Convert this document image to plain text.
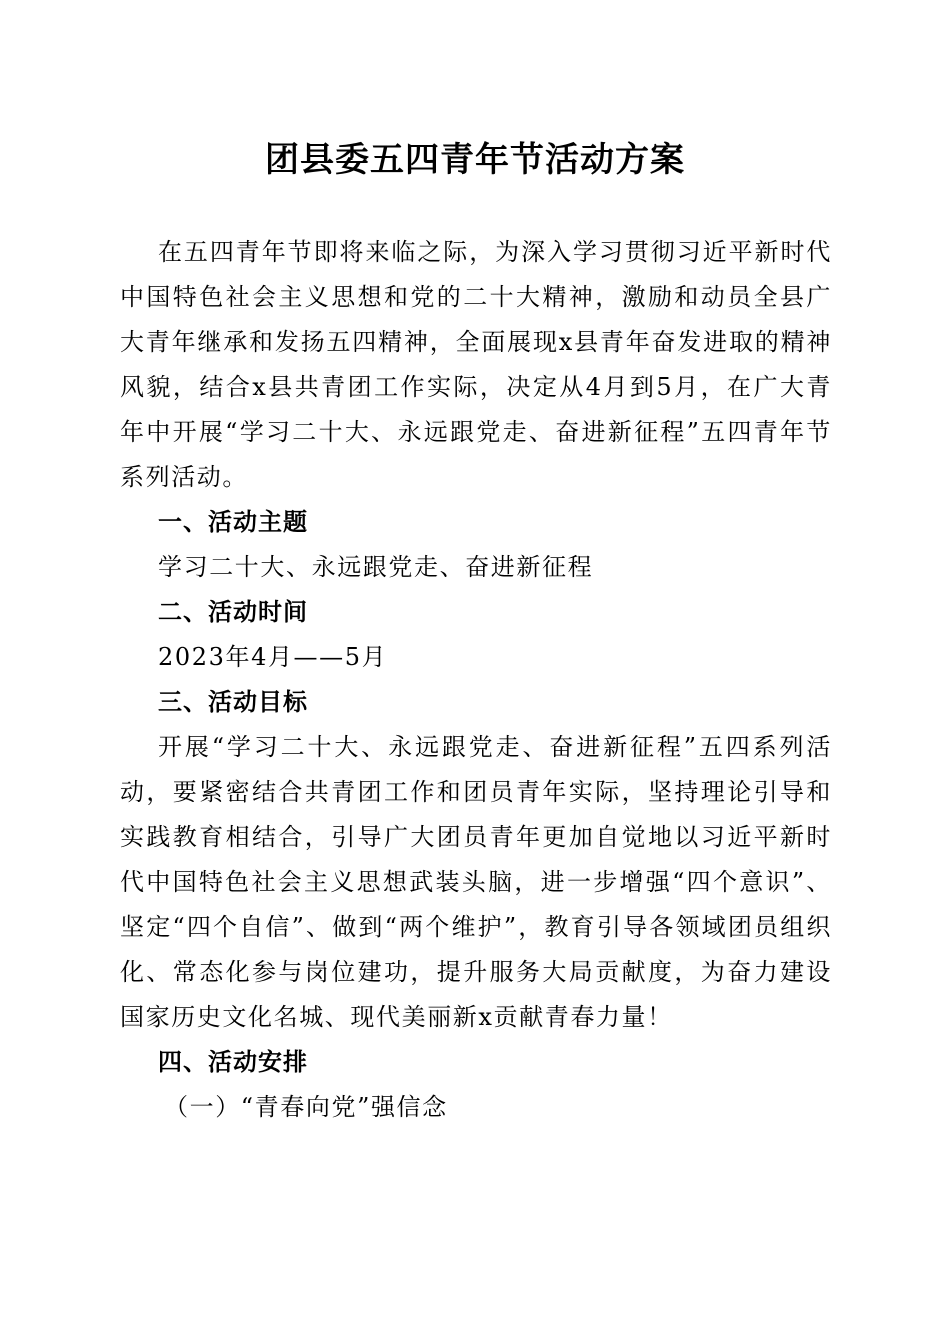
团县委五四青年节活动方案

在五四青年节即将来临之际，为深入学习贯彻习近平新时代中国特色社会主义思想和党的二十大精神，激励和动员全县广大青年继承和发扬五四精神，全面展现x县青年奋发进取的精神风貌，结合x县共青团工作实际，决定从4月到5月，在广大青年中开展“学习二十大、永远跟党走、奋进新征程”五四青年节系列活动。

一、活动主题

学习二十大、永远跟党走、奋进新征程

二、活动时间

2023年4月——5月

三、活动目标

开展“学习二十大、永远跟党走、奋进新征程”五四系列活动，要紧密结合共青团工作和团员青年实际，坚持理论引导和实践教育相结合，引导广大团员青年更加自觉地以习近平新时代中国特色社会主义思想武装头脑，进一步增强“四个意识”、坚定“四个自信”、做到“两个维护”，教育引导各领域团员组织化、常态化参与岗位建功，提升服务大局贡献度，为奋力建设国家历史文化名城、现代美丽新x贡献青春力量！

四、活动安排

（一）“青春向党”强信念
